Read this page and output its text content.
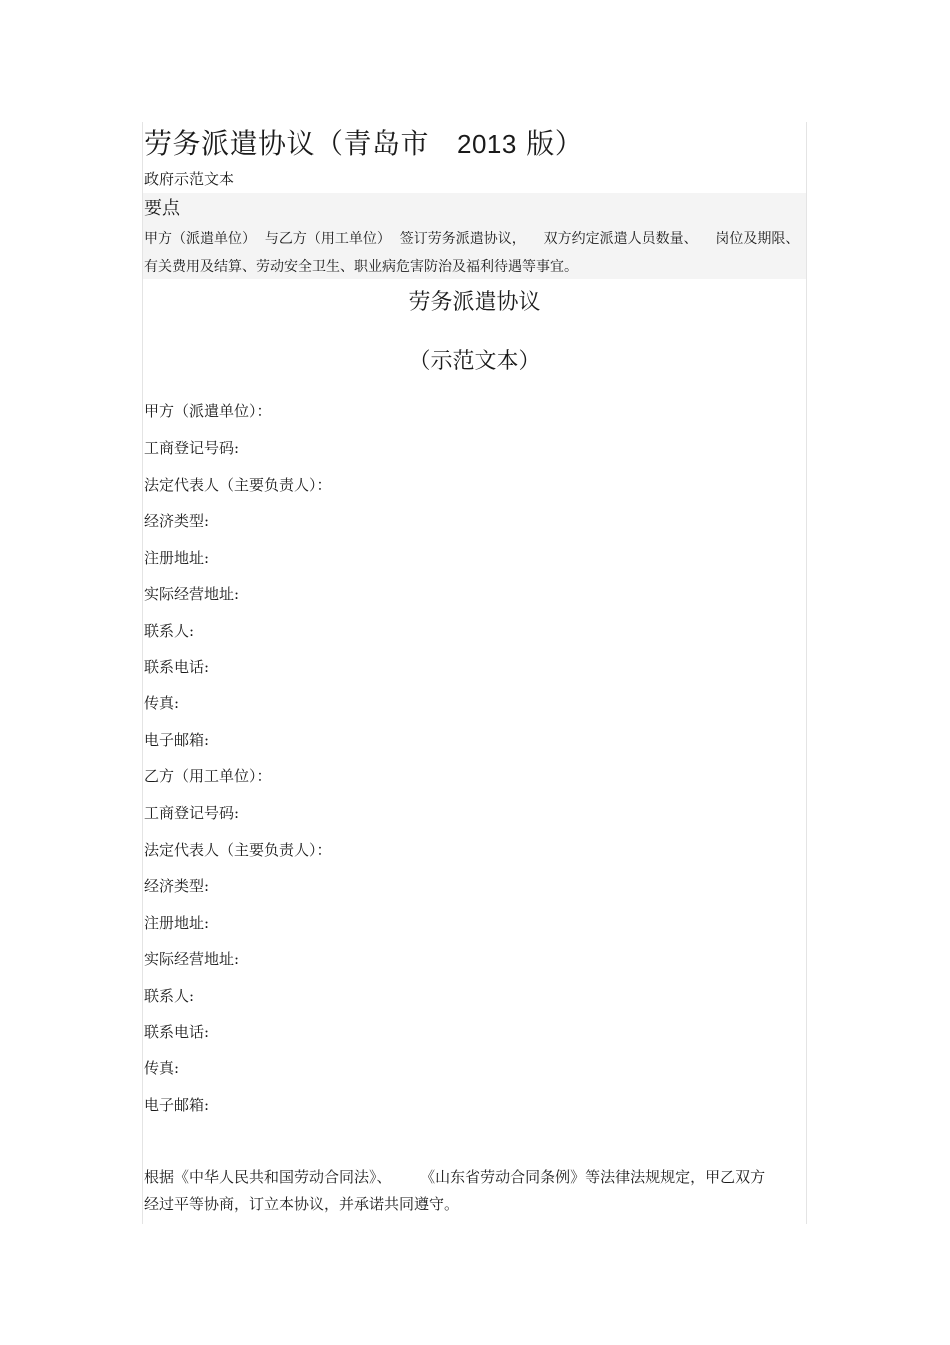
劳务派遣协议（青岛市 2013 版）
政府示范文本
要点
甲方（派遣单位）  与乙方（用工单位）  签订劳务派遣协议，    双方约定派遣人员数量、    岗位及期限、
有关费用及结算、劳动安全卫生、职业病危害防治及福利待遇等事宜。
劳务派遣协议
（示范文本）
甲方（派遣单位）：
工商登记号码:
法定代表人（主要负责人）：
经济类型:
注册地址:
实际经营地址:
联系人:
联系电话:
传真:
电子邮箱:
乙方（用工单位）：
工商登记号码:
法定代表人（主要负责人）：
经济类型:
注册地址:
实际经营地址:
联系人:
联系电话:
传真:
电子邮箱:
根据《中华人民共和国劳动合同法》、      《山东省劳动合同条例》等法律法规规定，甲乙双方
经过平等协商，订立本协议，并承诺共同遵守。
